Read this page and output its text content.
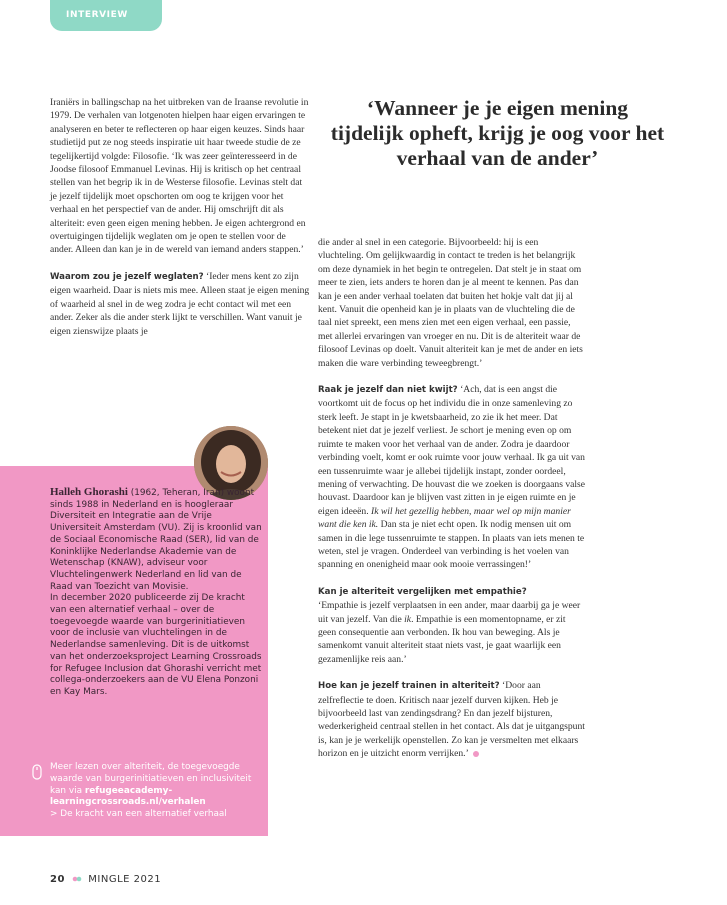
INTERVIEW

Iraniërs in ballingschap na het uitbreken van de Iraanse revolutie in 1979. De verhalen van lotgenoten hielpen haar eigen ervaringen te analyseren en beter te reflecteren op haar eigen keuzes. Sinds haar studietijd put ze nog steeds inspiratie uit haar tweede studie de ze tegelijkertijd volgde: Filosofie. ‘Ik was zeer geïnteresseerd in de Joodse filosoof Emmanuel Levinas. Hij is kritisch op het centraal stellen van het begrip ik in de Westerse filosofie. Levinas stelt dat je jezelf tijdelijk moet opschorten om oog te krijgen voor het verhaal en het perspectief van de ander. Hij omschrijft dit als alteriteit: even geen eigen mening hebben. Je eigen achtergrond en overtuigingen tijdelijk weglaten om je open te stellen voor de ander. Alleen dan kan je in de wereld van iemand anders stappen.’

Waarom zou je jezelf weglaten? ‘Ieder mens kent zo zijn eigen waarheid. Daar is niets mis mee. Alleen staat je eigen mening of waarheid al snel in de weg zodra je echt contact wil met een ander. Zeker als die ander sterk lijkt te verschillen. Want vanuit je eigen zienswijze plaats je

‘Wanneer je je eigen mening tijdelijk opheft, krijg je oog voor het verhaal van de ander’

die ander al snel in een categorie. Bijvoorbeeld: hij is een vluchteling. Om gelijkwaardig in contact te treden is het belangrijk om deze dynamiek in het begin te ontregelen. Dat stelt je in staat om meer te zien, iets anders te horen dan je al meent te kennen. Pas dan kan je een ander verhaal toelaten dat buiten het hokje valt dat jij al kent. Vanuit die openheid kan je in plaats van de vluchteling die de taal niet spreekt, een mens zien met een eigen verhaal, een passie, met allerlei ervaringen van vroeger en nu. Dit is de alteriteit waar de filosoof Levinas op doelt. Vanuit alteriteit kan je met de ander en iets maken die ware verbinding teweegbrengt.’

Raak je jezelf dan niet kwijt? ‘Ach, dat is een angst die voortkomt uit de focus op het individu die in onze samenleving zo sterk leeft. Je stapt in je kwetsbaarheid, zo zie ik het meer. Dat betekent niet dat je jezelf verliest. Je schort je mening even op om ruimte te maken voor het verhaal van de ander. Zodra je daardoor verbinding voelt, komt er ook ruimte voor jouw verhaal. Ik ga uit van een tussenruimte waar je allebei tijdelijk instapt, zonder oordeel, mening of verwachting. De houvast die we zoeken is doorgaans valse houvast. Daardoor kan je blijven vast zitten in je eigen ruimte en je eigen ideeën. Ik wil het gezellig hebben, maar wel op mijn manier want die ken ik. Dan sta je niet echt open. Ik nodig mensen uit om samen in die lege tussenruimte te stappen. In plaats van iets menen te weten, stel je vragen. Onderdeel van verbinding is het voelen van spanning en onenigheid maar ook mooie verrassingen!’

Kan je alteriteit vergelijken met empathie?
‘Empathie is jezelf verplaatsen in een ander, maar daarbij ga je weer uit van jezelf. Van die ik. Empathie is een momentopname, er zit geen consequentie aan verbonden. Ik hou van beweging. Als je samenkomt vanuit alteriteit staat niets vast, je gaat waarlijk een gezamenlijke reis aan.’

Hoe kan je jezelf trainen in alteriteit? ‘Door aan zelfreflectie te doen. Kritisch naar jezelf durven kijken. Heb je bijvoorbeeld last van zendingsdrang? En dan jezelf bijsturen, wederkerigheid centraal stellen in het contact. Als dat je uitgangspunt is, kan je je werkelijk openstellen. Zo kan je versmelten met elkaars horizon en je uitzicht enorm verrijken.’

Halleh Ghorashi (1962, Teheran, Iran) woont sinds 1988 in Nederland en is hoogleraar Diversiteit en Integratie aan de Vrije Universiteit Amsterdam (VU). Zij is kroonlid van de Sociaal Economische Raad (SER), lid van de Koninklijke Nederlandse Akademie van de Wetenschap (KNAW), adviseur voor Vluchtelingenwerk Nederland en lid van de Raad van Toezicht van Movisie.

In december 2020 publiceerde zij De kracht van een alternatief verhaal – over de toegevoegde waarde van burgerinitiatieven voor de inclusie van vluchtelingen in de Nederlandse samenleving. Dit is de uitkomst van het onderzoeksproject Learning Crossroads for Refugee Inclusion dat Ghorashi verricht met collega-onderzoekers aan de VU Elena Ponzoni en Kay Mars.

Meer lezen over alteriteit, de toegevoegde waarde van burgerinitiatieven en inclusiviteit kan via refugeeacademy-learningcrossroads.nl/verhalen

> De kracht van een alternatief verhaal

20 MINGLE 2021
